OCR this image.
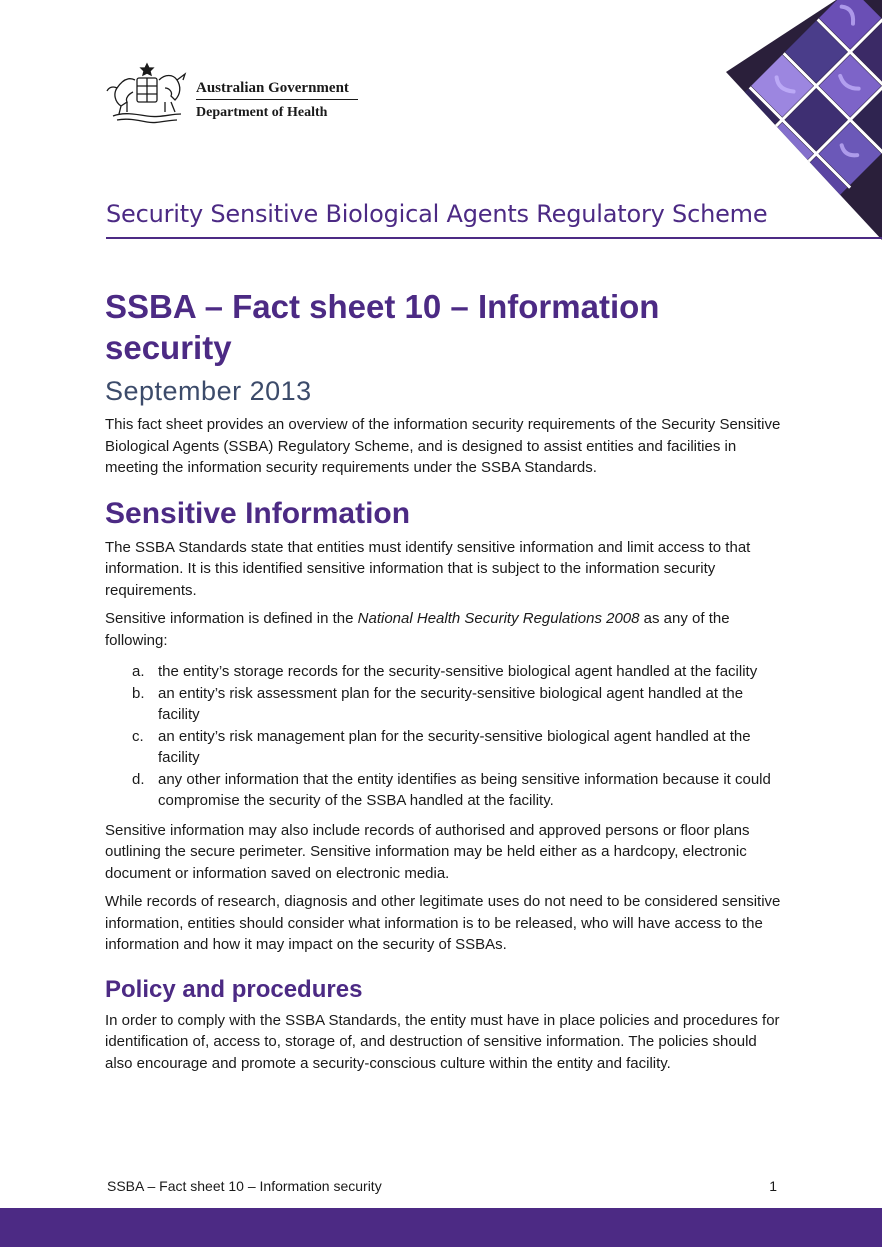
Australian Government
Department of Health
Security Sensitive Biological Agents Regulatory Scheme
SSBA – Fact sheet 10 – Information security
September 2013

This fact sheet provides an overview of the information security requirements of the Security Sensitive Biological Agents (SSBA) Regulatory Scheme, and is designed to assist entities and facilities in meeting the information security requirements under the SSBA Standards.

Sensitive Information

The SSBA Standards state that entities must identify sensitive information and limit access to that information. It is this identified sensitive information that is subject to the information security requirements.

Sensitive information is defined in the National Health Security Regulations 2008 as any of the following:

a. the entity’s storage records for the security-sensitive biological agent handled at the facility
b. an entity’s risk assessment plan for the security-sensitive biological agent handled at the facility
c. an entity’s risk management plan for the security-sensitive biological agent handled at the facility
d. any other information that the entity identifies as being sensitive information because it could compromise the security of the SSBA handled at the facility.

Sensitive information may also include records of authorised and approved persons or floor plans outlining the secure perimeter. Sensitive information may be held either as a hardcopy, electronic document or information saved on electronic media.

While records of research, diagnosis and other legitimate uses do not need to be considered sensitive information, entities should consider what information is to be released, who will have access to the information and how it may impact on the security of SSBAs.

Policy and procedures

In order to comply with the SSBA Standards, the entity must have in place policies and procedures for identification of, access to, storage of, and destruction of sensitive information. The policies should also encourage and promote a security-conscious culture within the entity and facility.

SSBA – Fact sheet 10 – Information security	1
